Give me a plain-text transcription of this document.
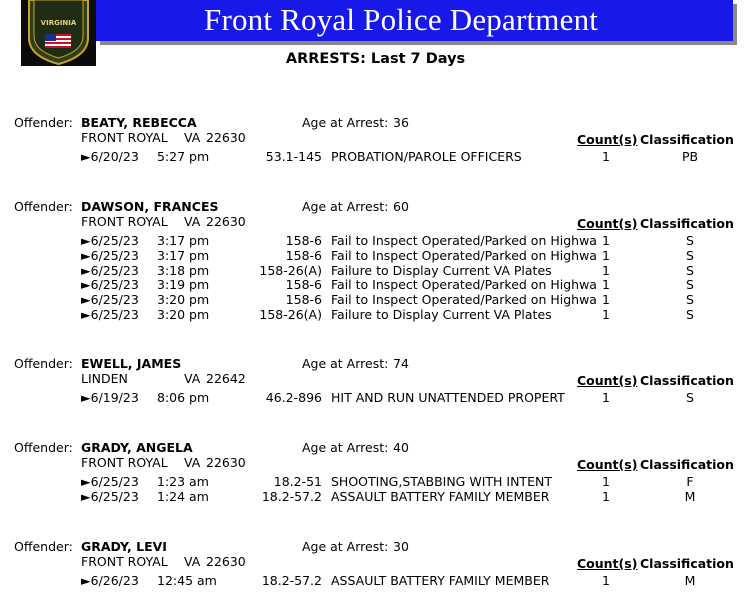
Front Royal Police Department
VIRGINIA
ARRESTS: Last 7 Days
Offender: BEATY, REBECCA	Age at Arrest: 36
FRONT ROYAL VA 22630	Count(s) Classification
►6/20/23 5:27 pm	53.1-145 PROBATION/PAROLE OFFICERS	1	PB
Offender: DAWSON, FRANCES	Age at Arrest: 60
FRONT ROYAL VA 22630	Count(s) Classification
►6/25/23 3:17 pm	158-6 Fail to Inspect Operated/Parked on Highwa 1	S
►6/25/23 3:17 pm	158-6 Fail to Inspect Operated/Parked on Highwa 1	S
►6/25/23 3:18 pm	158-26(A) Failure to Display Current VA Plates	1	S
►6/25/23 3:19 pm	158-6 Fail to Inspect Operated/Parked on Highwa 1	S
►6/25/23 3:20 pm	158-6 Fail to Inspect Operated/Parked on Highwa 1	S
►6/25/23 3:20 pm	158-26(A) Failure to Display Current VA Plates	1	S
Offender: EWELL, JAMES	Age at Arrest: 74
LINDEN	VA 22642	Count(s) Classification
►6/19/23 8:06 pm	46.2-896 HIT AND RUN UNATTENDED PROPERT	1	S
Offender: GRADY, ANGELA	Age at Arrest: 40
FRONT ROYAL VA 22630	Count(s) Classification
►6/25/23 1:23 am	18.2-51 SHOOTING,STABBING WITH INTENT	1	F
►6/25/23 1:24 am	18.2-57.2 ASSAULT BATTERY FAMILY MEMBER	1	M
Offender: GRADY, LEVI	Age at Arrest: 30
FRONT ROYAL VA 22630	Count(s) Classification
►6/26/23 12:45 am	18.2-57.2 ASSAULT BATTERY FAMILY MEMBER	1	M
